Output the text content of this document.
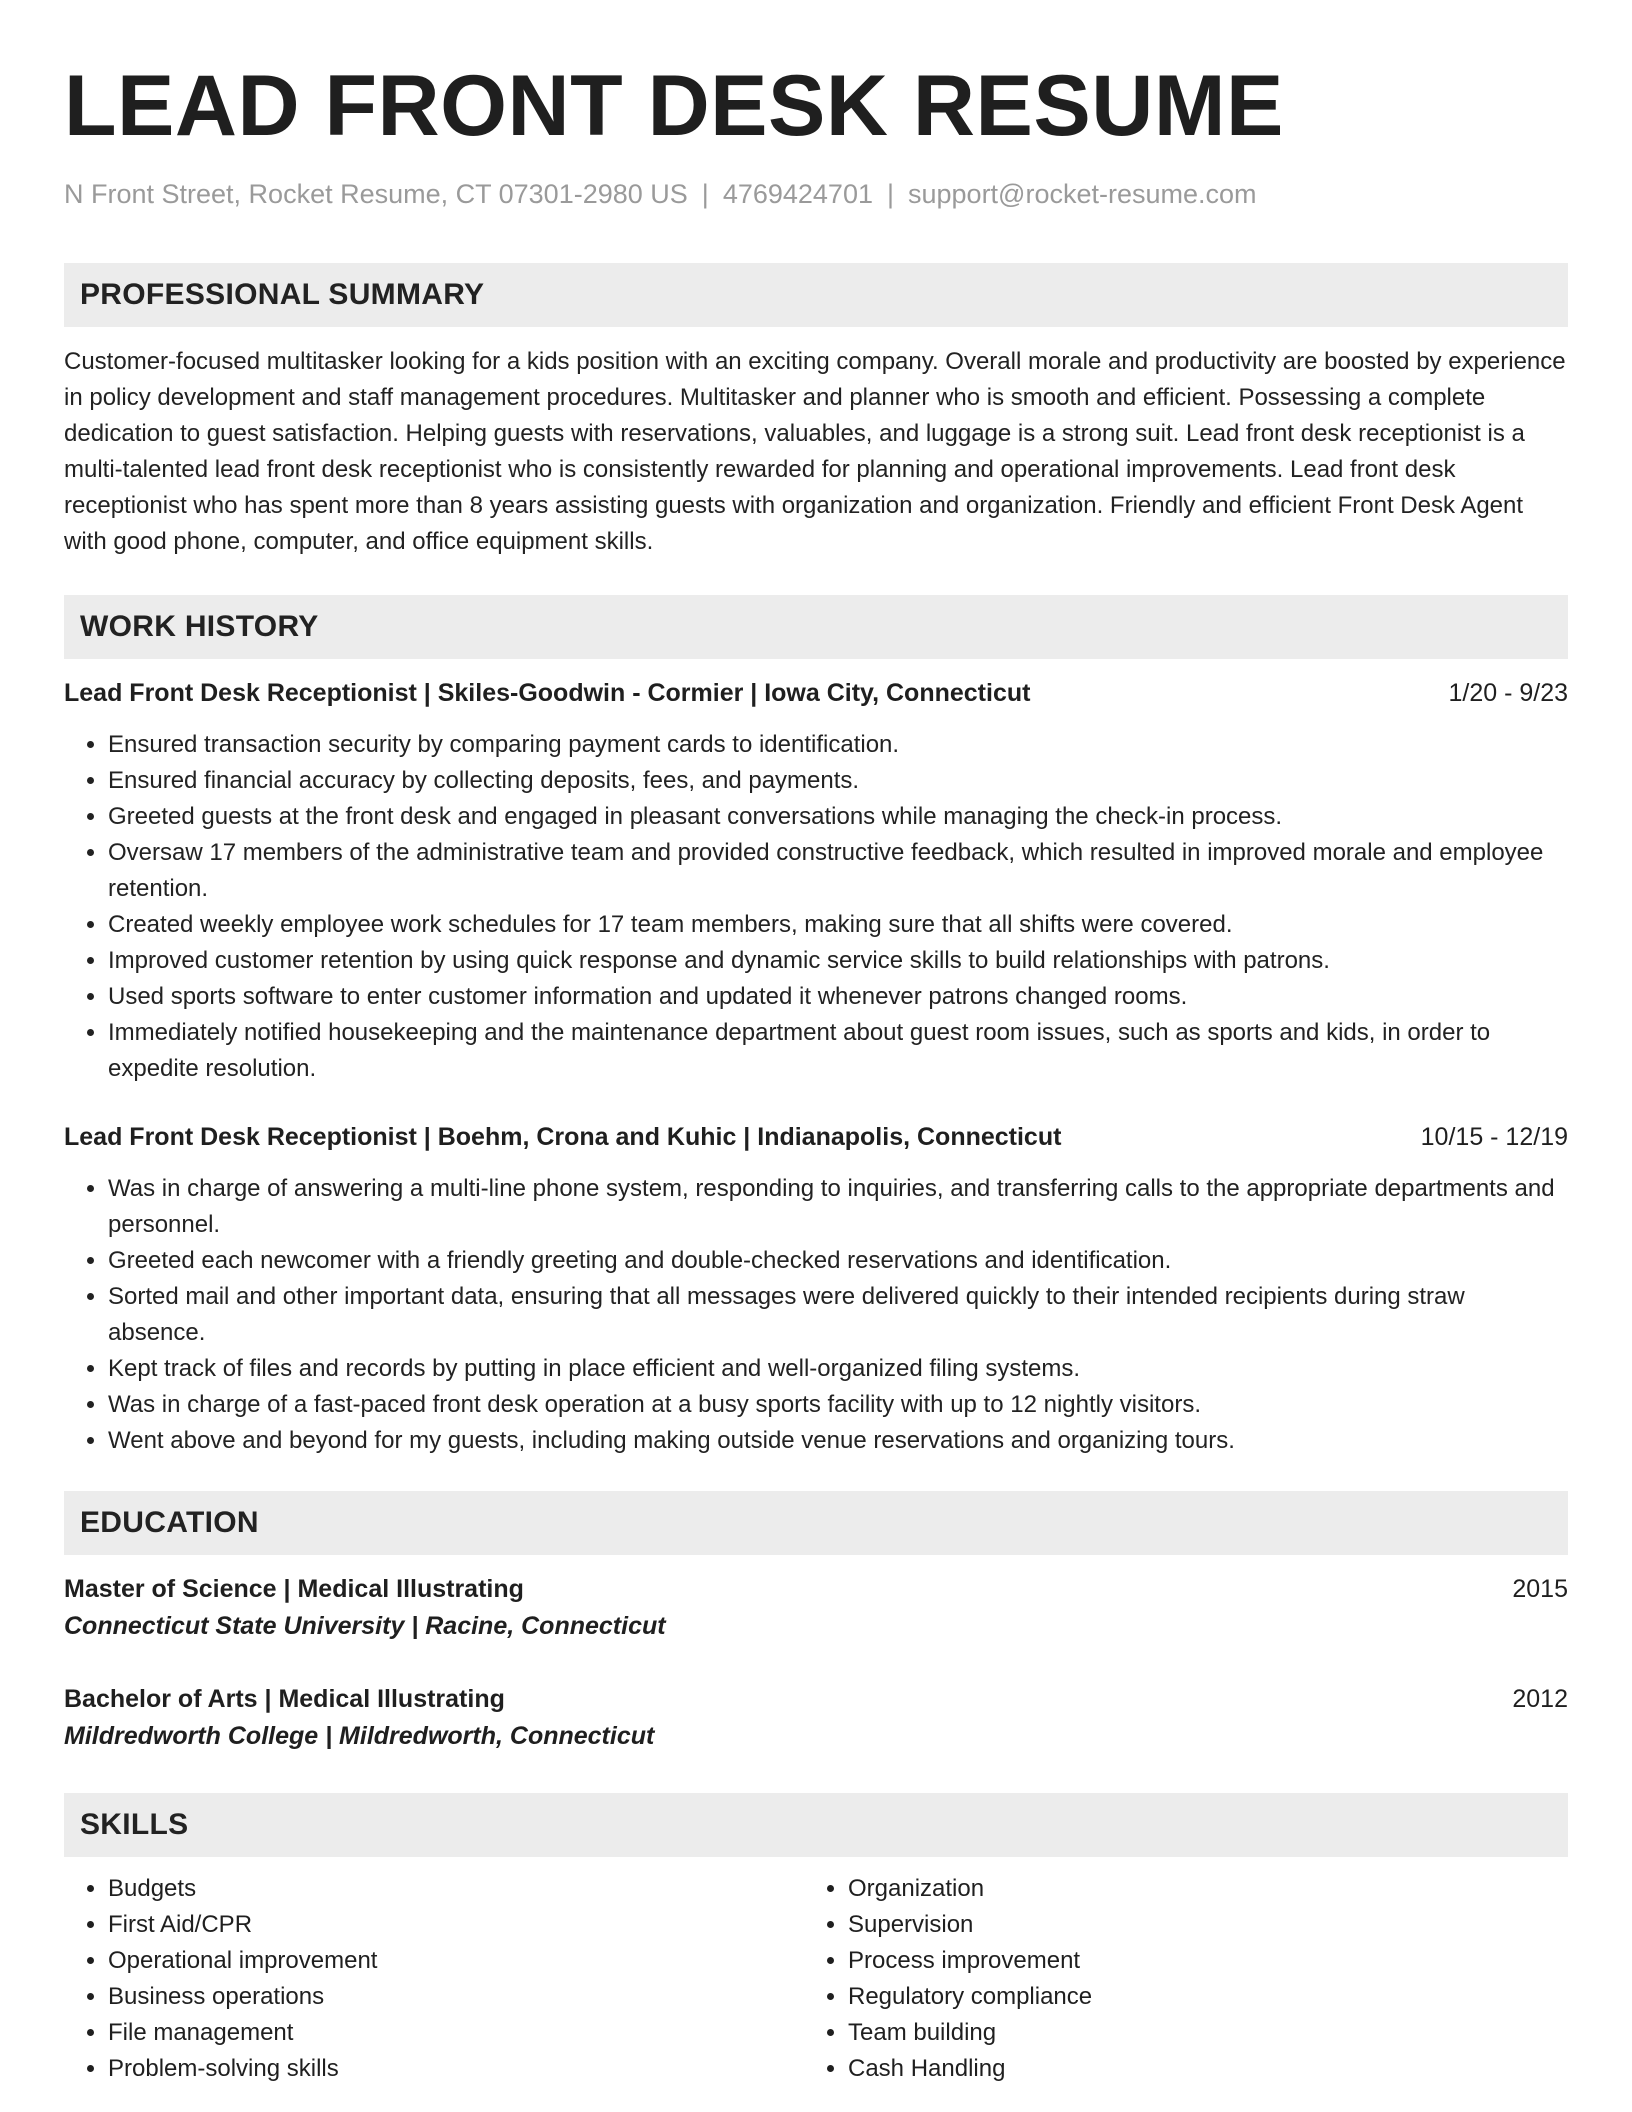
LEAD FRONT DESK RESUME
N Front Street, Rocket Resume, CT 07301-2980 US | 4769424701 | support@rocket-resume.com
PROFESSIONAL SUMMARY

Customer-focused multitasker looking for a kids position with an exciting company. Overall morale and productivity are boosted by experience in policy development and staff management procedures. Multitasker and planner who is smooth and efficient. Possessing a complete dedication to guest satisfaction. Helping guests with reservations, valuables, and luggage is a strong suit. Lead front desk receptionist is a multi-talented lead front desk receptionist who is consistently rewarded for planning and operational improvements. Lead front desk receptionist who has spent more than 8 years assisting guests with organization and organization. Friendly and efficient Front Desk Agent with good phone, computer, and office equipment skills.

WORK HISTORY
Lead Front Desk Receptionist | Skiles-Goodwin - Cormier | Iowa City, Connecticut	1/20 - 9/23
• Ensured transaction security by comparing payment cards to identification.
• Ensured financial accuracy by collecting deposits, fees, and payments.
• Greeted guests at the front desk and engaged in pleasant conversations while managing the check-in process.
• Oversaw 17 members of the administrative team and provided constructive feedback, which resulted in improved morale and employee retention.
• Created weekly employee work schedules for 17 team members, making sure that all shifts were covered.
• Improved customer retention by using quick response and dynamic service skills to build relationships with patrons.
• Used sports software to enter customer information and updated it whenever patrons changed rooms.
• Immediately notified housekeeping and the maintenance department about guest room issues, such as sports and kids, in order to expedite resolution.
Lead Front Desk Receptionist | Boehm, Crona and Kuhic | Indianapolis, Connecticut	10/15 - 12/19
• Was in charge of answering a multi-line phone system, responding to inquiries, and transferring calls to the appropriate departments and personnel.
• Greeted each newcomer with a friendly greeting and double-checked reservations and identification.
• Sorted mail and other important data, ensuring that all messages were delivered quickly to their intended recipients during straw absence.
• Kept track of files and records by putting in place efficient and well-organized filing systems.
• Was in charge of a fast-paced front desk operation at a busy sports facility with up to 12 nightly visitors.
• Went above and beyond for my guests, including making outside venue reservations and organizing tours.
EDUCATION
Master of Science | Medical Illustrating	2015
Connecticut State University | Racine, Connecticut
Bachelor of Arts | Medical Illustrating	2012
Mildredworth College | Mildredworth, Connecticut
SKILLS
• Budgets
• First Aid/CPR
• Operational improvement
• Business operations
• File management
• Problem-solving skills
• Organization
• Supervision
• Process improvement
• Regulatory compliance
• Team building
• Cash Handling
